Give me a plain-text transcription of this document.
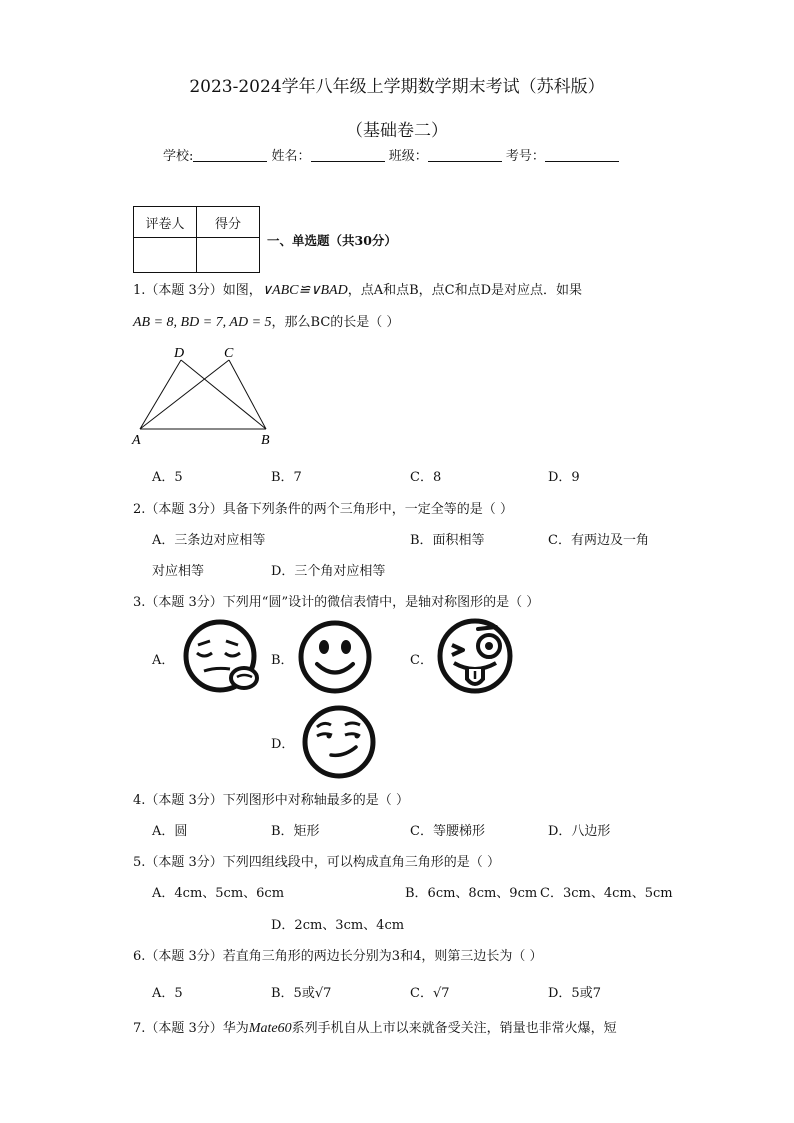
2023-2024学年八年级上学期数学期末考试（苏科版）
（基础卷二）
学校:	姓名：	班级：	考号：
评卷人	得分

一、单选题（共30分）
1.（本题 3分）如图，∨ABC≌∨BAD，点A和点B，点C和点D是对应点．如果
AB = 8, BD = 7, AD = 5，那么BC的长是（ ）
D	C
A	B
A．5	B．7	C．8	D．9
2.（本题 3分）具备下列条件的两个三角形中，一定全等的是（ ）
A．三条边对应相等	B．面积相等	C．有两边及一角
对应相等	D．三个角对应相等
3.（本题 3分）下列用“圆”设计的微信表情中，是轴对称图形的是（ ）
A．	B．	C．
D．
4.（本题 3分）下列图形中对称轴最多的是（ ）
A．圆	B．矩形	C．等腰梯形	D．八边形
5.（本题 3分）下列四组线段中，可以构成直角三角形的是（ ）
A．4cm、5cm、6cm	B．6cm、8cm、9cm C．3cm、4cm、5cm
D．2cm、3cm、4cm
6.（本题 3分）若直角三角形的两边长分别为3和4，则第三边长为（ ）
A．5	B．5或√7	C．√7	D．5或7
7.（本题 3分）华为Mate60系列手机自从上市以来就备受关注，销量也非常火爆，短
